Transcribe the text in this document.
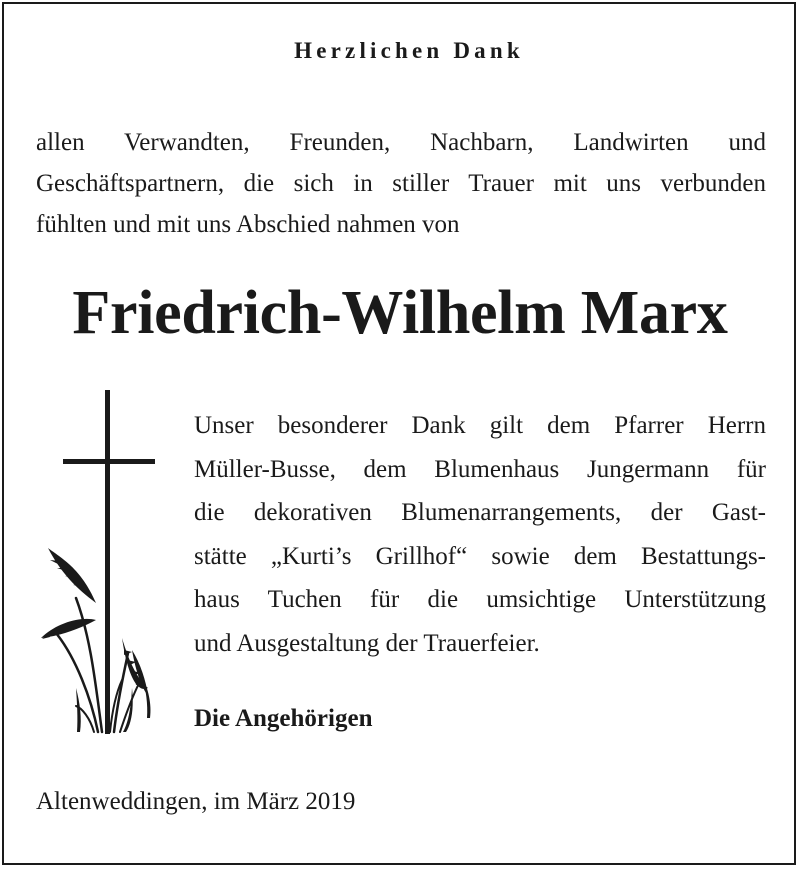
Herzlichen Dank
allen Verwandten, Freunden, Nachbarn, Landwirten und
Geschäftspartnern, die sich in stiller Trauer mit uns verbunden
fühlten und mit uns Abschied nahmen von
Friedrich-Wilhelm Marx
Unser besonderer Dank gilt dem Pfarrer Herrn
Müller-Busse, dem Blumenhaus Jungermann für
die dekorativen Blumenarrangements, der Gast-
stätte „Kurti’s Grillhof“ sowie dem Bestattungs-
haus Tuchen für die umsichtige Unterstützung
und Ausgestaltung der Trauerfeier.
Die Angehörigen
Altenweddingen, im März 2019
